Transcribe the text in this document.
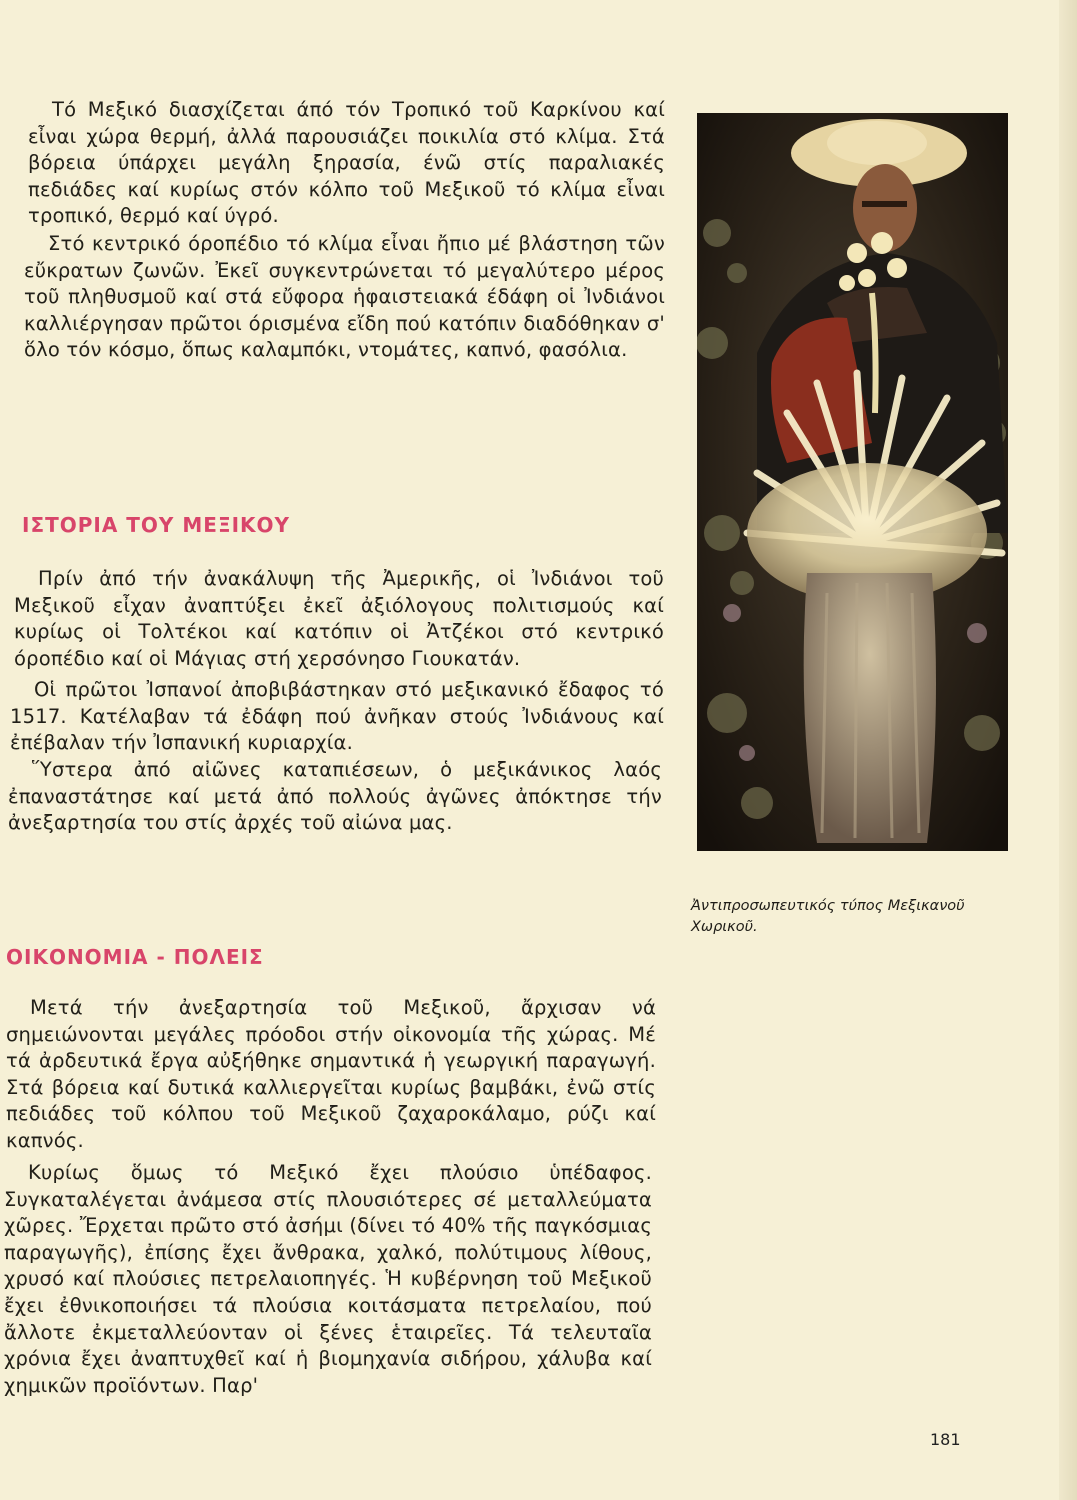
Τό Μεξικό διασχίζεται άπό τόν Τροπικό τοῦ Καρκίνου καί εἶναι χώρα θερμή, ἀλλά παρουσιάζει ποικιλία στό κλίμα. Στά βόρεια ύπάρχει μεγάλη ξηρασία, ένῶ στίς παραλιακές πεδιάδες καί κυρίως στόν κόλπο τοῦ Μεξικοῦ τό κλίμα εἶναι τροπικό, θερμό καί ύγρό.

Στό κεντρικό όροπέδιο τό κλίμα εἶναι ἤπιο μέ βλάστηση τῶν εὔκρατων ζωνῶν. Ἐκεῖ συγκεντρώνεται τό μεγαλύτερο μέρος τοῦ πληθυσμοῦ καί στά εὔφορα ἡφαιστειακά έδάφη οἱ Ἰνδιάνοι καλλιέργησαν πρῶτοι όρισμένα εἴδη πού κατόπιν διαδόθηκαν σ' ὅλο τόν κόσμο, ὅπως καλαμπόκι, ντομάτες, καπνό, φασόλια.

ΙΣΤΟΡΙΑ ΤΟΥ ΜΕΞΙΚΟΥ

Πρίν ἀπό τήν ἀνακάλυψη τῆς Ἀμερικῆς, οἱ Ἰνδιάνοι τοῦ Μεξικοῦ εἶχαν ἀναπτύξει ἐκεῖ ἀξιόλογους πολιτισμούς καί κυρίως οἱ Τολτέκοι καί κατόπιν οἱ Ἀτζέκοι στό κεντρικό όροπέδιο καί οἱ Μάγιας στή χερσόνησο Γιουκατάν.

Οἱ πρῶτοι Ἰσπανοί ἀποβιβάστηκαν στό μεξικανικό ἔδαφος τό 1517. Κατέλαβαν τά ἐδάφη πού ἀνῆκαν στούς Ἰνδιάνους καί ἐπέβαλαν τήν Ἰσπανική κυριαρχία.

Ὕστερα ἀπό αἰῶνες καταπιέσεων, ὁ μεξικάνικος λαός ἐπαναστάτησε καί μετά ἀπό πολλούς ἀγῶνες ἀπόκτησε τήν ἀνεξαρτησία του στίς ἀρχές τοῦ αἰώνα μας.

ΟΙΚΟΝΟΜΙΑ - ΠΟΛΕΙΣ

Μετά τήν ἀνεξαρτησία τοῦ Μεξικοῦ, ἄρχισαν νά σημειώνονται μεγάλες πρόοδοι στήν οἰκονομία τῆς χώρας. Μέ τά ἀρδευτικά ἔργα αὐξήθηκε σημαντικά ἡ γεωργική παραγωγή. Στά βόρεια καί δυτικά καλλιεργεῖται κυρίως βαμβάκι, ἐνῶ στίς πεδιάδες τοῦ κόλπου τοῦ Μεξικοῦ ζαχαροκάλαμο, ρύζι καί καπνός.

Κυρίως ὅμως τό Μεξικό ἔχει πλούσιο ὑπέδαφος. Συγκαταλέγεται ἀνάμεσα στίς πλουσιότερες σέ μεταλλεύματα χῶρες. Ἔρχεται πρῶτο στό ἀσήμι (δίνει τό 40% τῆς παγκόσμιας παραγωγῆς), ἐπίσης ἔχει ἄνθρακα, χαλκό, πολύτιμους λίθους, χρυσό καί πλούσιες πετρελαιοπηγές. Ἡ κυβέρνηση τοῦ Μεξικοῦ ἔχει ἐθνικοποιήσει τά πλούσια κοιτάσματα πετρελαίου, πού ἄλλοτε ἐκμεταλλεύονταν οἱ ξένες ἑταιρεῖες. Τά τελευταῖα χρόνια ἔχει ἀναπτυχθεῖ καί ἡ βιομηχανία σιδήρου, χάλυβα καί χημικῶν προϊόντων. Παρ'

Ἀντιπροσωπευτικός τύπος Μεξικανοῦ Χωρικοῦ.

181
